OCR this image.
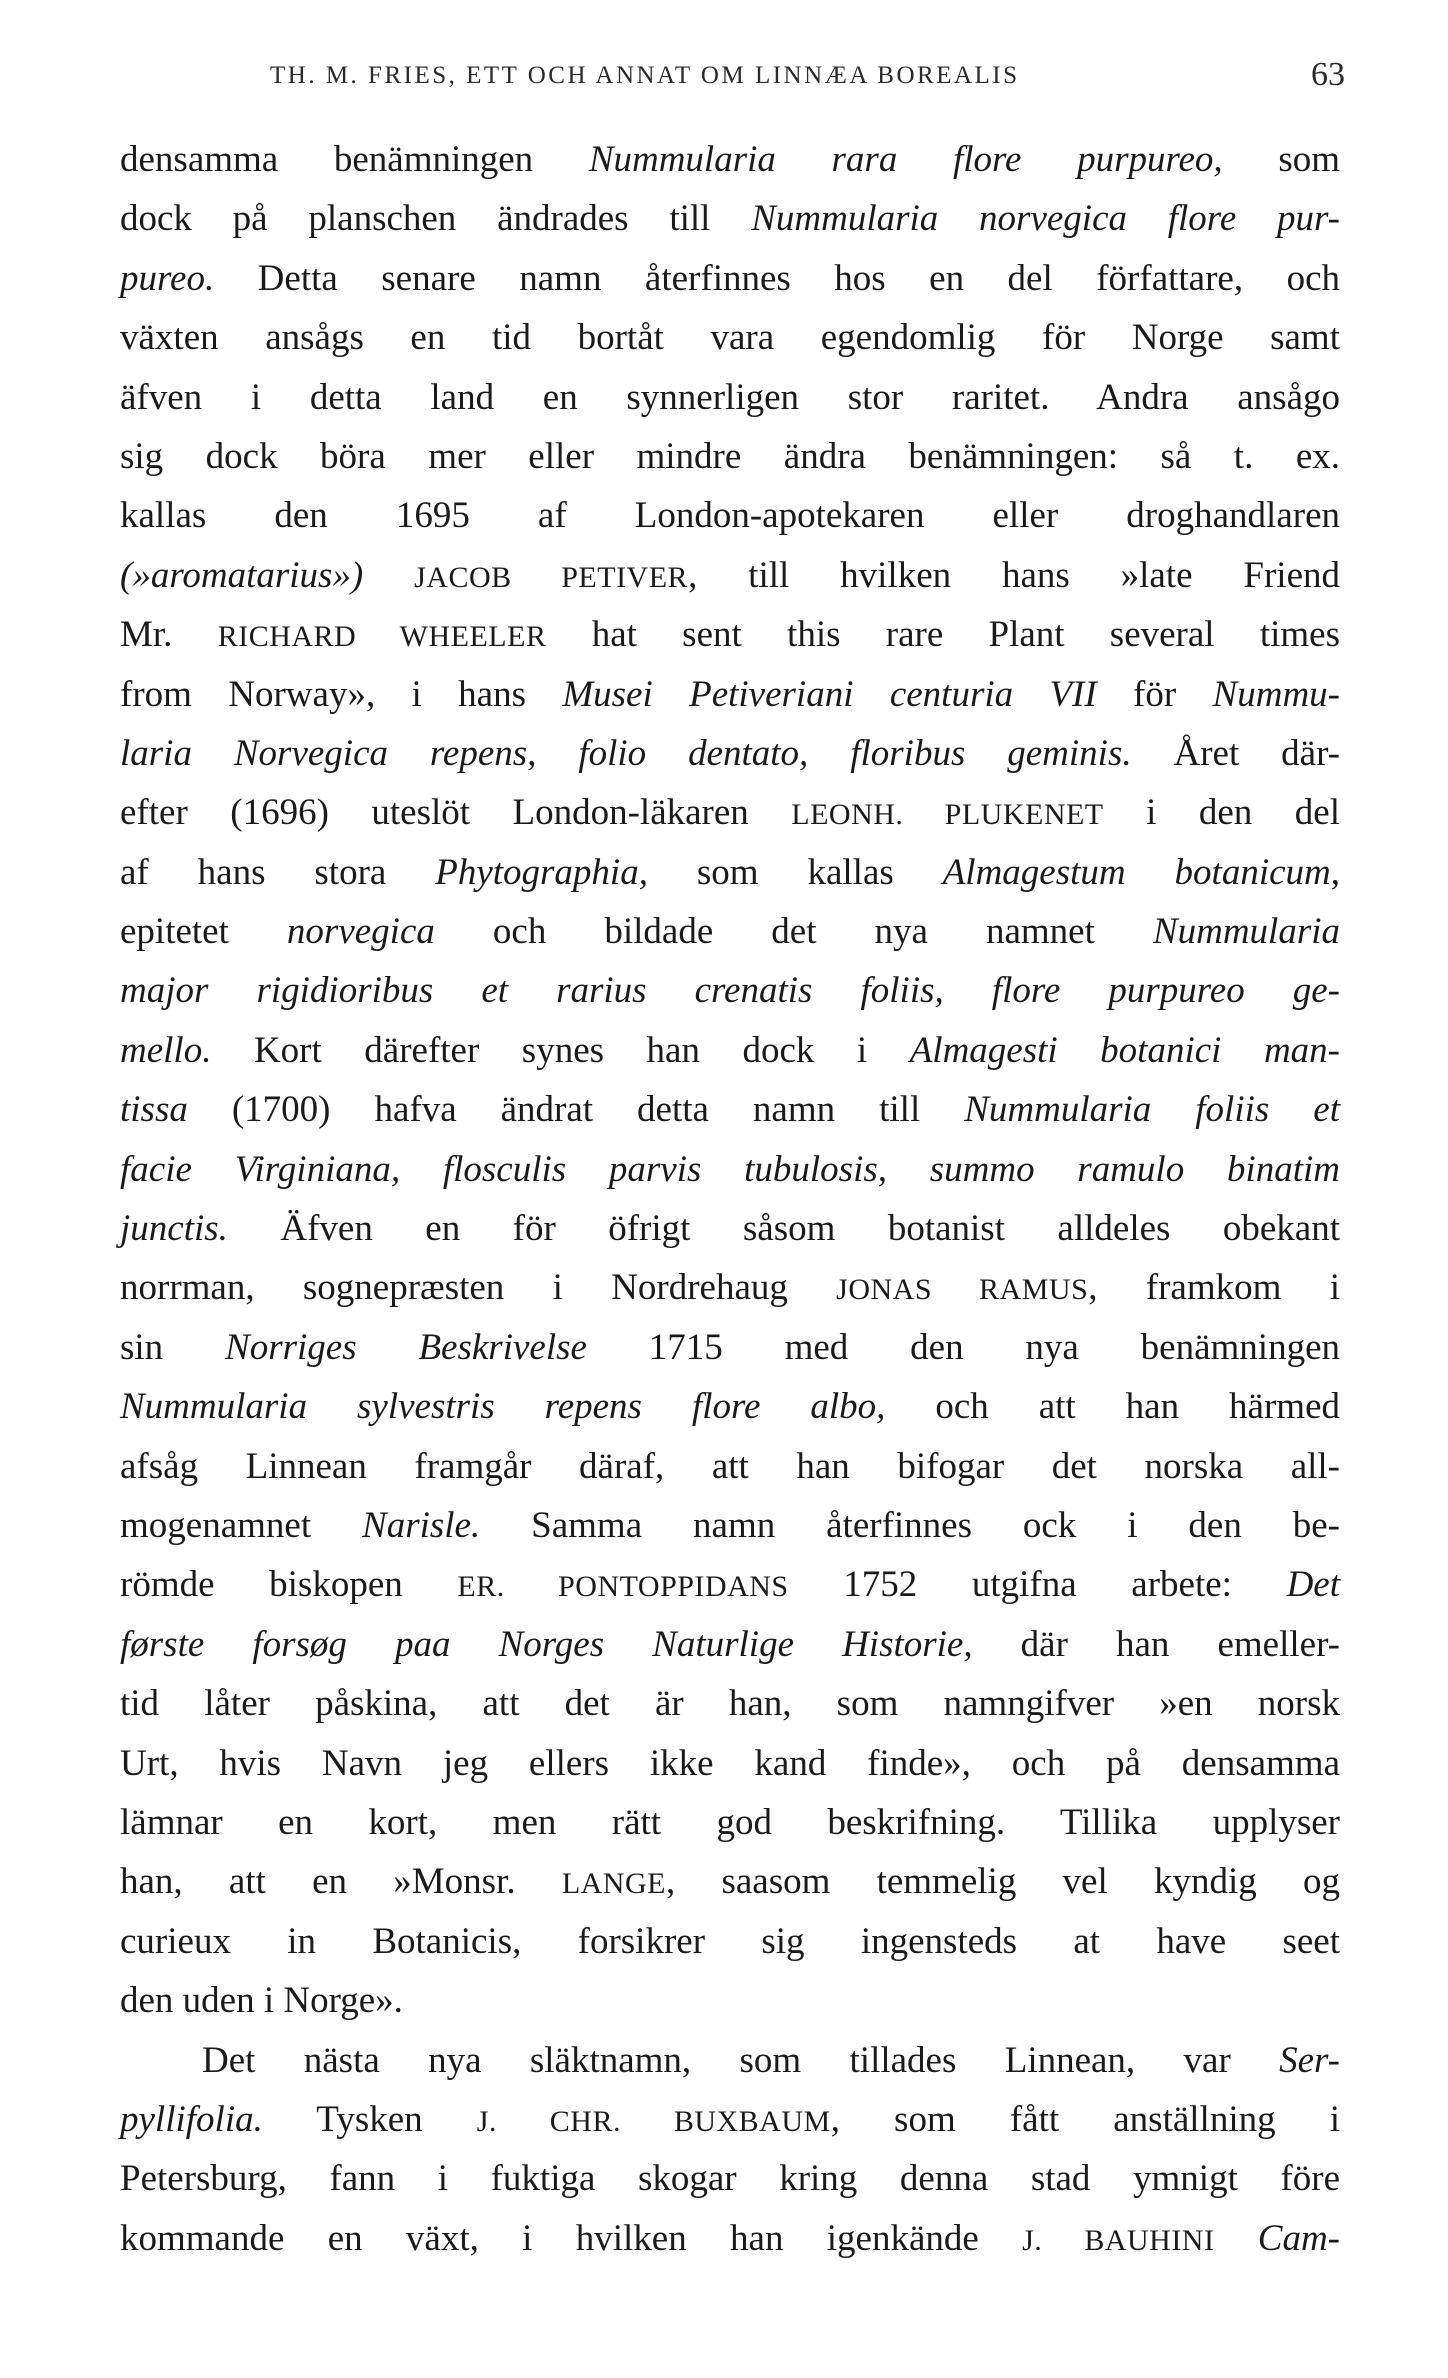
TH. M. FRIES, ETT OCH ANNAT OM LINNÆA BOREALIS	63
densamma benämningen Nummularia rara flore purpureo, som
dock på planschen ändrades till Nummularia norvegica flore pur-
pureo. Detta senare namn återfinnes hos en del författare, och
växten ansågs en tid bortåt vara egendomlig för Norge samt
äfven i detta land en synnerligen stor raritet. Andra ansågo
sig dock böra mer eller mindre ändra benämningen: så t. ex.
kallas den 1695 af London-apotekaren eller droghandlaren
(»aromatarius») JACOB PETIVER, till hvilken hans »late Friend
Mr. RICHARD WHEELER hat sent this rare Plant several times
from Norway», i hans Musei Petiveriani centuria VII för Nummu-
laria Norvegica repens, folio dentato, floribus geminis. Året där-
efter (1696) uteslöt London-läkaren LEONH. PLUKENET i den del
af hans stora Phytographia, som kallas Almagestum botanicum,
epitetet norvegica och bildade det nya namnet Nummularia
major rigidioribus et rarius crenatis foliis, flore purpureo ge-
mello. Kort därefter synes han dock i Almagesti botanici man-
tissa (1700) hafva ändrat detta namn till Nummularia foliis et
facie Virginiana, flosculis parvis tubulosis, summo ramulo binatim
junctis. Äfven en för öfrigt såsom botanist alldeles obekant
norrman, sognepræsten i Nordrehaug JONAS RAMUS, framkom i
sin Norriges Beskrivelse 1715 med den nya benämningen
Nummularia sylvestris repens flore albo, och att han härmed
afsåg Linnean framgår däraf, att han bifogar det norska all-
mogenamnet Narisle. Samma namn återfinnes ock i den be-
römde biskopen ER. PONTOPPIDANS 1752 utgifna arbete: Det
første forsøg paa Norges Naturlige Historie, där han emeller-
tid låter påskina, att det är han, som namngifver »en norsk
Urt, hvis Navn jeg ellers ikke kand finde», och på densamma
lämnar en kort, men rätt god beskrifning. Tillika upplyser
han, att en »Monsr. LANGE, saasom temmelig vel kyndig og
curieux in Botanicis, forsikrer sig ingensteds at have seet
den uden i Norge».
Det nästa nya släktnamn, som tillades Linnean, var Ser-
pyllifolia. Tysken J. CHR. BUXBAUM, som fått anställning i
Petersburg, fann i fuktiga skogar kring denna stad ymnigt före
kommande en växt, i hvilken han igenkände J. BAUHINI Cam-
